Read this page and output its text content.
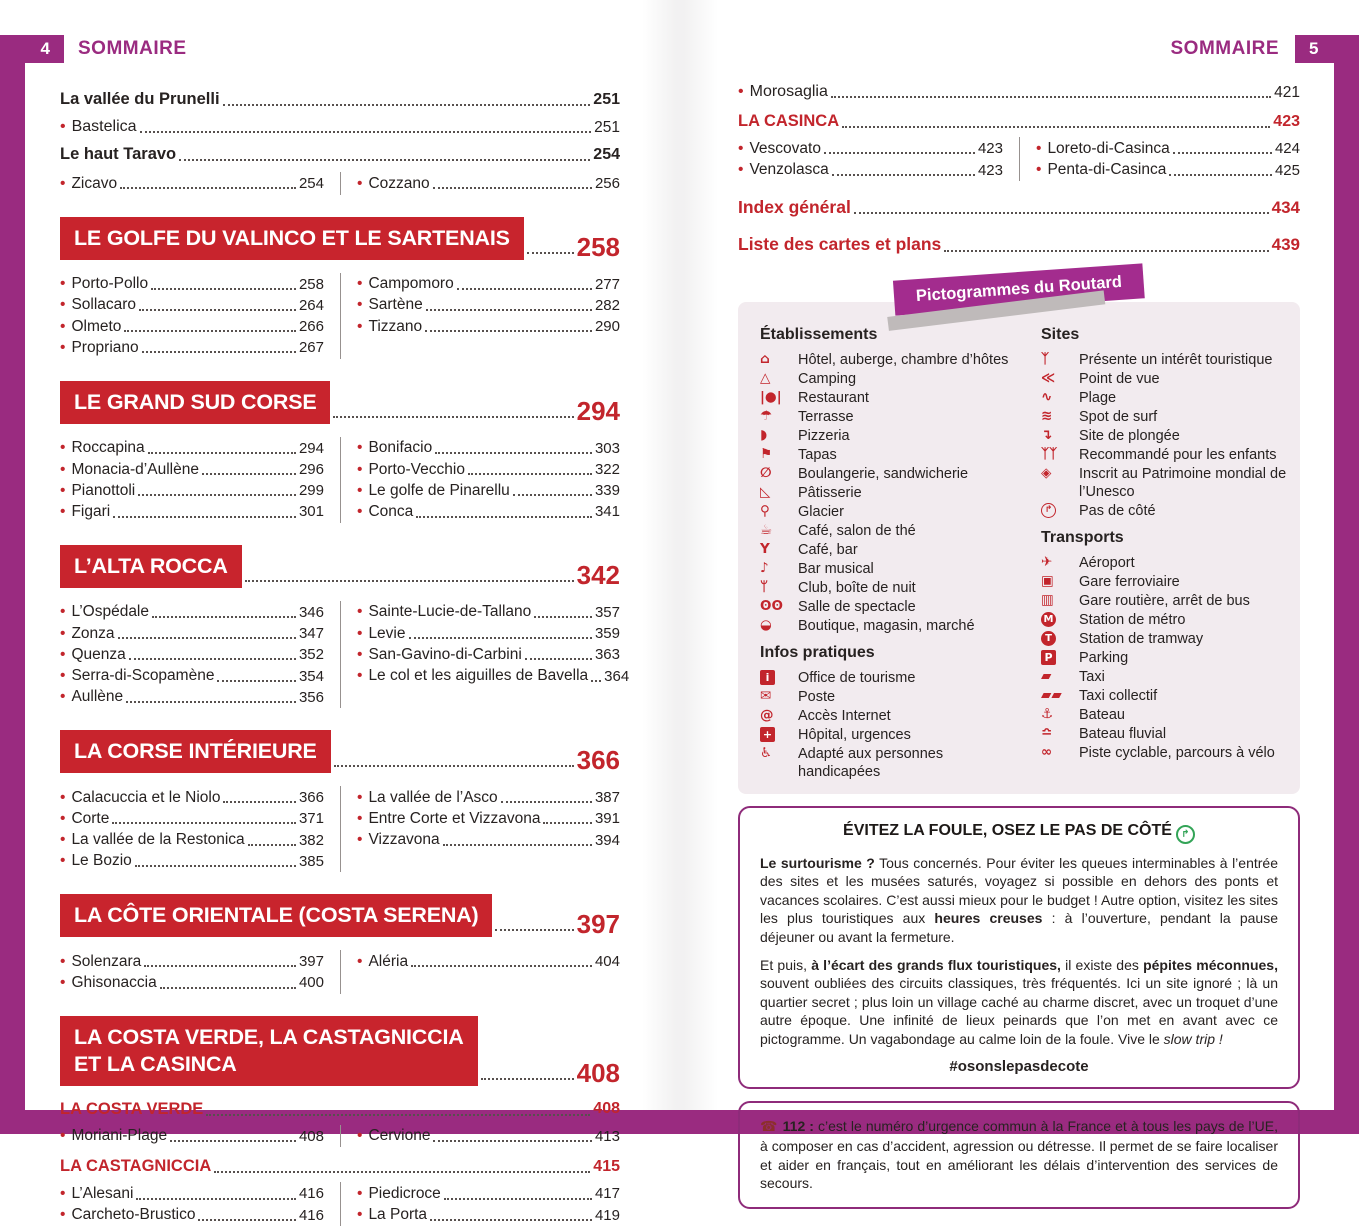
4	5
SOMMAIRE	SOMMAIRE
La vallée du Prunelli	251
• Bastelica	251
Le haut Taravo	254
• Zicavo	254 • Cozzano	256
LE GOLFE DU VALINCO ET LE SARTENAIS	258
• Porto-Pollo	258
• Sollacaro	264
• Olmeto	266
• Propriano	267
• Campomoro	277
• Sartène	282
• Tizzano	290
LE GRAND SUD CORSE	294
• Roccapina	294
• Monacia-d’Aullène	296
• Pianottoli	299
• Figari	301
• Bonifacio	303
• Porto-Vecchio	322
• Le golfe de Pinarellu	339
• Conca	341
L’ALTA ROCCA	342
• L’Ospédale	346
• Zonza	347
• Quenza	352
• Serra-di-Scopamène	354
• Aullène	356
• Sainte-Lucie-de-Tallano	357
• Levie	359
• San-Gavino-di-Carbini	363
• Le col et les aiguilles de Bavella 364
LA CORSE INTÉRIEURE	366
• Calacuccia et le Niolo	366
• Corte	371
• La vallée de la Restonica	382
• Le Bozio	385
• La vallée de l’Asco	387
• Entre Corte et Vizzavona	391
• Vizzavona	394
LA CÔTE ORIENTALE (COSTA SERENA)	397
• Solenzara	397
• Ghisonaccia	400
• Aléria	404
LA COSTA VERDE, LA CASTAGNICCIA
ET LA CASINCA	408
LA COSTA VERDE	408
• Moriani-Plage	408 • Cervione	413
LA CASTAGNICCIA	415
• L’Alesani	416
• Carcheto-Brustico	416
• Piedicroce	417
• La Porta	419
• Morosaglia	421
LA CASINCA	423
• Vescovato	423
• Venzolasca	423
• Loreto-di-Casinca	424
• Penta-di-Casinca	425
Index général	434
Liste des cartes et plans	439
Pictogrammes du Routard
Établissements
⌂ Hôtel, auberge, chambre d’hôtes
△ Camping
|●| Restaurant
☂ Terrasse
◗ Pizzeria
⚑ Tapas
∅ Boulangerie, sandwicherie
◺ Pâtisserie
⚲ Glacier
☕ Café, salon de thé
Υ Café, bar
♪ Bar musical
ᛘ Club, boîte de nuit
ʘʘ Salle de spectacle
◒ Boutique, magasin, marché
Infos pratiques
i	Office de tourisme
✉ Poste
@ Accès Internet
+ Hôpital, urgences
♿ Adapté aux personnes handicapées
Sites
ᛉ Présente un intérêt touristique
≪ Point de vue
∿ Plage
≋ Spot de surf
↴ Site de plongée
ᛉᛉ Recommandé pour les enfants
◈ Inscrit au Patrimoine mondial de l’Unesco
↱ Pas de côté
Transports
✈ Aéroport
▣ Gare ferroviaire
▥ Gare routière, arrêt de bus
M Station de métro
T Station de tramway
P Parking
▰ Taxi
▰▰ Taxi collectif
⚓ Bateau
≏ Bateau fluvial
∞ Piste cyclable, parcours à vélo
ÉVITEZ LA FOULE, OSEZ LE PAS DE CÔTÉ ↱

Le surtourisme ? Tous concernés. Pour éviter les queues interminables à l’entrée des sites et les musées saturés, voyagez si possible en dehors des ponts et vacances scolaires. C’est aussi mieux pour le budget ! Autre option, visitez les sites les plus touristiques aux heures creuses : à l’ouverture, pendant la pause déjeuner ou avant la fermeture.

Et puis, à l’écart des grands flux touristiques, il existe des pépites méconnues, souvent oubliées des circuits classiques, très fréquentés. Ici un site ignoré ; là un quartier secret ; plus loin un village caché au charme discret, avec un troquet d’une autre époque. Une infinité de lieux peinards que l’on met en avant avec ce pictogramme. Un vagabondage au calme loin de la foule. Vive le slow trip !

#osonslepasdecote

☎ 112 : c’est le numéro d’urgence commun à la France et à tous les pays de l’UE, à composer en cas d’accident, agression ou détresse. Il permet de se faire localiser et aider en français, tout en améliorant les délais d’intervention des services de secours.
